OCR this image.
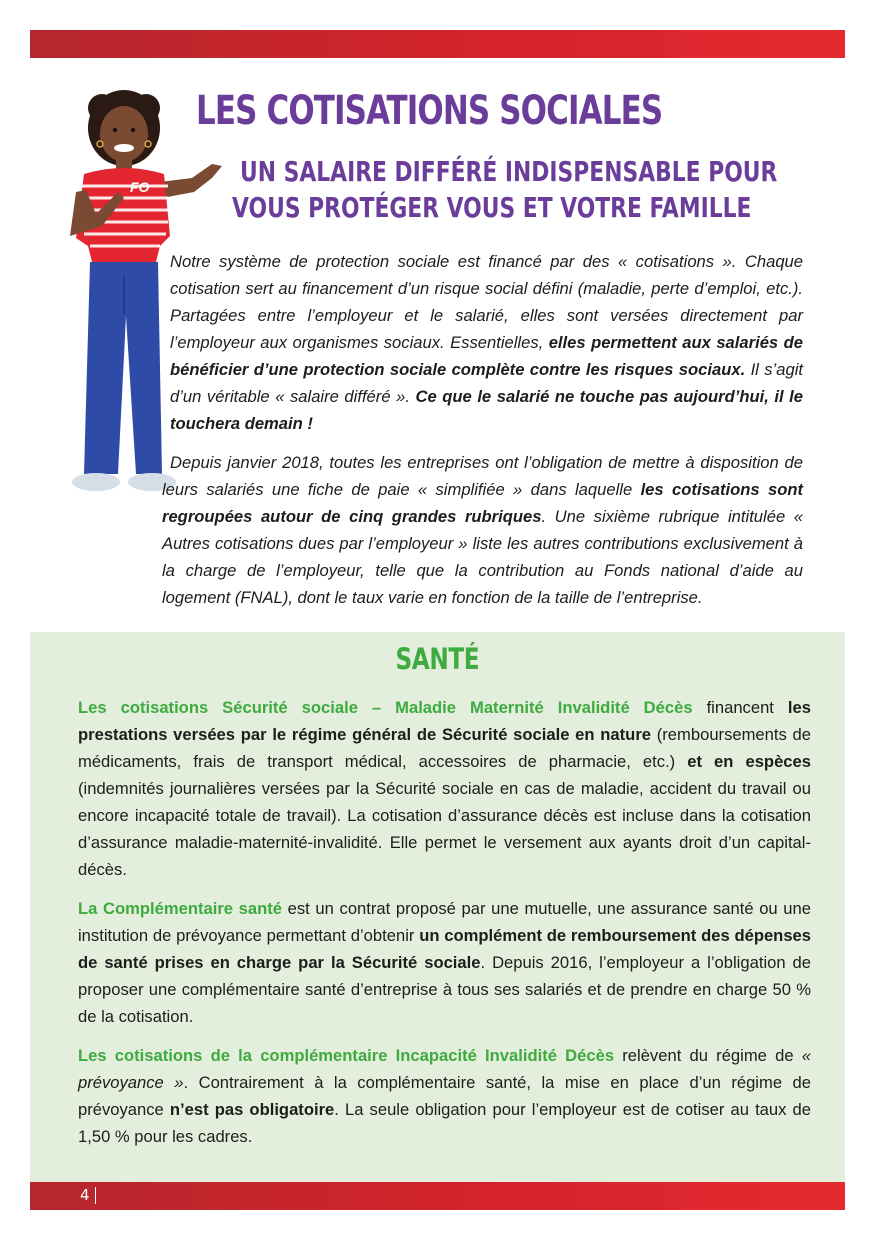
LES COTISATIONS SOCIALES
UN SALAIRE DIFFÉRÉ INDISPENSABLE POUR
VOUS PROTÉGER VOUS ET VOTRE FAMILLE
FO

Notre système de protection sociale est financé par des « cotisations ». Chaque cotisation sert au financement d’un risque social défini (maladie, perte d’emploi, etc.). Partagées entre l’employeur et le salarié, elles sont versées directement par l’employeur aux organismes sociaux. Essentielles, elles permettent aux salariés de bénéficier d’une protection sociale complète contre les risques sociaux. Il s’agit d’un véritable « salaire différé ». Ce que le salarié ne touche pas aujourd’hui, il le touchera demain !

Depuis janvier 2018, toutes les entreprises ont l’obligation de mettre à disposition de leurs salariés une fiche de paie « simplifiée » dans laquelle les cotisations sont regroupées autour de cinq grandes rubriques. Une sixième rubrique intitulée « Autres cotisations dues par l’employeur » liste les autres contributions exclusivement à la charge de l’employeur, telle que la contribution au Fonds national d’aide au logement (FNAL), dont le taux varie en fonction de la taille de l’entreprise.

SANTÉ

Les cotisations Sécurité sociale – Maladie Maternité Invalidité Décès financent les prestations versées par le régime général de Sécurité sociale en nature (remboursements de médicaments, frais de transport médical, accessoires de pharmacie, etc.) et en espèces (indemnités journalières versées par la Sécurité sociale en cas de maladie, accident du travail ou encore incapacité totale de travail). La cotisation d’assurance décès est incluse dans la cotisation d’assurance maladie-maternité-invalidité. Elle permet le versement aux ayants droit d’un capital-décès.

La Complémentaire santé est un contrat proposé par une mutuelle, une assurance santé ou une institution de prévoyance permettant d’obtenir un complément de remboursement des dépenses de santé prises en charge par la Sécurité sociale. Depuis 2016, l’employeur a l’obligation de proposer une complémentaire santé d’entreprise à tous ses salariés et de prendre en charge 50 % de la cotisation.

Les cotisations de la complémentaire Incapacité Invalidité Décès relèvent du régime de « prévoyance ». Contrairement à la complémentaire santé, la mise en place d’un régime de prévoyance n’est pas obligatoire. La seule obligation pour l’employeur est de cotiser au taux de 1,50 % pour les cadres.

4
